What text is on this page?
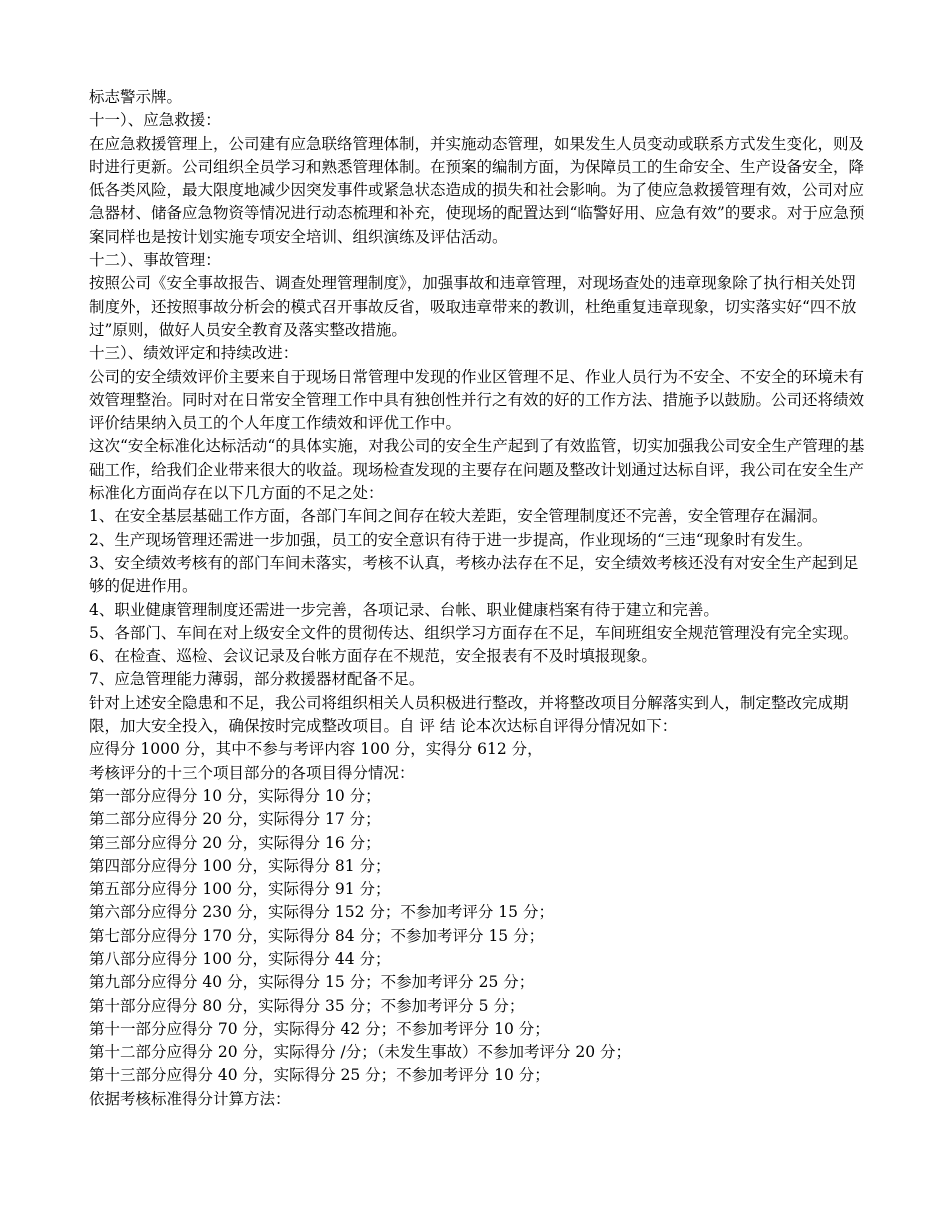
标志警示牌。

十一）、应急救援：

在应急救援管理上，公司建有应急联络管理体制，并实施动态管理，如果发生人员变动或联系方式发生变化，则及时进行更新。公司组织全员学习和熟悉管理体制。在预案的编制方面，为保障员工的生命安全、生产设备安全，降低各类风险，最大限度地减少因突发事件或紧急状态造成的损失和社会影响。为了使应急救援管理有效，公司对应急器材、储备应急物资等情况进行动态梳理和补充，使现场的配置达到“临警好用、应急有效”的要求。对于应急预案同样也是按计划实施专项安全培训、组织演练及评估活动。

十二）、事故管理：

按照公司《安全事故报告、调查处理管理制度》，加强事故和违章管理，对现场查处的违章现象除了执行相关处罚制度外，还按照事故分析会的模式召开事故反省，吸取违章带来的教训，杜绝重复违章现象，切实落实好“四不放过”原则，做好人员安全教育及落实整改措施。

十三）、绩效评定和持续改进：

公司的安全绩效评价主要来自于现场日常管理中发现的作业区管理不足、作业人员行为不安全、不安全的环境未有效管理整治。同时对在日常安全管理工作中具有独创性并行之有效的好的工作方法、措施予以鼓励。公司还将绩效评价结果纳入员工的个人年度工作绩效和评优工作中。

这次“安全标准化达标活动“的具体实施，对我公司的安全生产起到了有效监管，切实加强我公司安全生产管理的基础工作，给我们企业带来很大的收益。现场检查发现的主要存在问题及整改计划通过达标自评，我公司在安全生产标准化方面尚存在以下几方面的不足之处：

1、在安全基层基础工作方面，各部门车间之间存在较大差距，安全管理制度还不完善，安全管理存在漏洞。

2、生产现场管理还需进一步加强，员工的安全意识有待于进一步提高，作业现场的“三违“现象时有发生。

3、安全绩效考核有的部门车间未落实，考核不认真，考核办法存在不足，安全绩效考核还没有对安全生产起到足够的促进作用。

4、职业健康管理制度还需进一步完善，各项记录、台帐、职业健康档案有待于建立和完善。

5、各部门、车间在对上级安全文件的贯彻传达、组织学习方面存在不足，车间班组安全规范管理没有完全实现。

6、在检查、巡检、会议记录及台帐方面存在不规范，安全报表有不及时填报现象。

7、应急管理能力薄弱，部分救援器材配备不足。

针对上述安全隐患和不足，我公司将组织相关人员积极进行整改，并将整改项目分解落实到人，制定整改完成期限，加大安全投入，确保按时完成整改项目。自 评 结 论本次达标自评得分情况如下：

应得分 1000 分，其中不参与考评内容 100 分，实得分 612 分，

考核评分的十三个项目部分的各项目得分情况：

第一部分应得分 10 分，实际得分 10 分；

第二部分应得分 20 分，实际得分 17 分；

第三部分应得分 20 分，实际得分 16 分；

第四部分应得分 100 分，实际得分 81 分；

第五部分应得分 100 分，实际得分 91 分；

第六部分应得分 230 分，实际得分 152 分；不参加考评分 15 分；

第七部分应得分 170 分，实际得分 84 分；不参加考评分 15 分；

第八部分应得分 100 分，实际得分 44 分；

第九部分应得分 40 分，实际得分 15 分；不参加考评分 25 分；

第十部分应得分 80 分，实际得分 35 分；不参加考评分 5 分；

第十一部分应得分 70 分，实际得分 42 分；不参加考评分 10 分；

第十二部分应得分 20 分，实际得分 /分；（未发生事故）不参加考评分 20 分；

第十三部分应得分 40 分，实际得分 25 分；不参加考评分 10 分；

依据考核标准得分计算方法：
